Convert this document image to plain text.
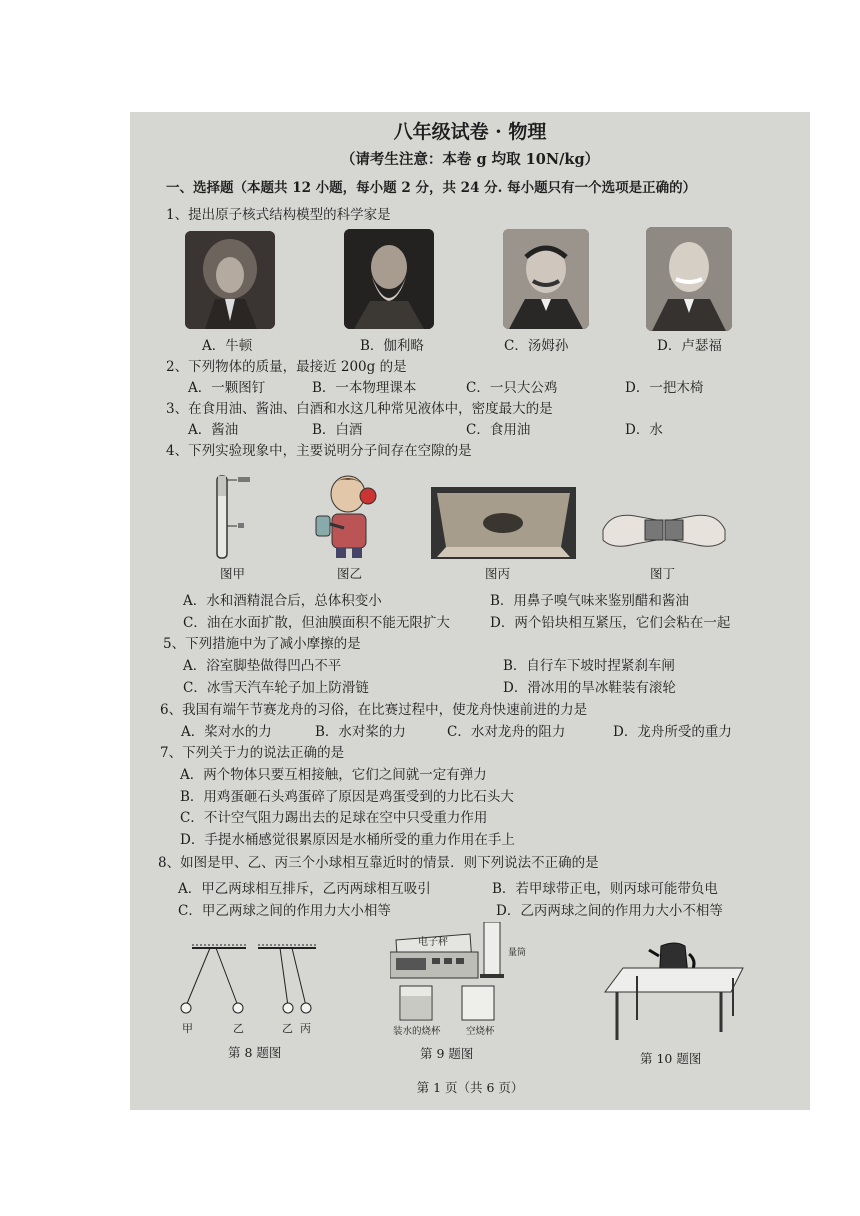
八年级试卷 · 物理
（请考生注意：本卷 g 均取 10N/kg）
一、选择题（本题共 12 小题，每小题 2 分，共 24 分. 每小题只有一个选项是正确的）
1、提出原子核式结构模型的科学家是
A．牛顿	B．伽利略	C．汤姆孙	D．卢瑟福
2、下列物体的质量，最接近 200g 的是
A．一颗图钉	B．一本物理课本	C．一只大公鸡	D．一把木椅
3、在食用油、酱油、白酒和水这几种常见液体中，密度最大的是
A．酱油	B．白酒	C．食用油	D．水
4、下列实验现象中，主要说明分子间存在空隙的是
图甲	图乙	图丙	图丁
A．水和酒精混合后，总体积变小	B．用鼻子嗅气味来鉴别醋和酱油
C．油在水面扩散，但油膜面积不能无限扩大	D．两个铅块相互紧压，它们会粘在一起
5、下列措施中为了减小摩擦的是
A．浴室脚垫做得凹凸不平	B．自行车下坡时捏紧刹车闸
C．冰雪天汽车轮子加上防滑链	D．滑冰用的旱冰鞋装有滚轮
6、我国有端午节赛龙舟的习俗，在比赛过程中，使龙舟快速前进的力是
A．桨对水的力	B．水对桨的力	C．水对龙舟的阻力	D．龙舟所受的重力
7、下列关于力的说法正确的是
A．两个物体只要互相接触，它们之间就一定有弹力
B．用鸡蛋砸石头鸡蛋碎了原因是鸡蛋受到的力比石头大
C．不计空气阻力踢出去的足球在空中只受重力作用
D．手提水桶感觉很累原因是水桶所受的重力作用在手上
8、如图是甲、乙、丙三个小球相互靠近时的情景．则下列说法不正确的是
A．甲乙两球相互排斥，乙丙两球相互吸引	B．若甲球带正电，则丙球可能带负电
C．甲乙两球之间的作用力大小相等	D．乙丙两球之间的作用力大小不相等
甲	乙	乙 丙
第 8 题图
电子秤
量筒
装水的烧杯	空烧杯
第 9 题图	第 10 题图
第 1 页（共 6 页）
